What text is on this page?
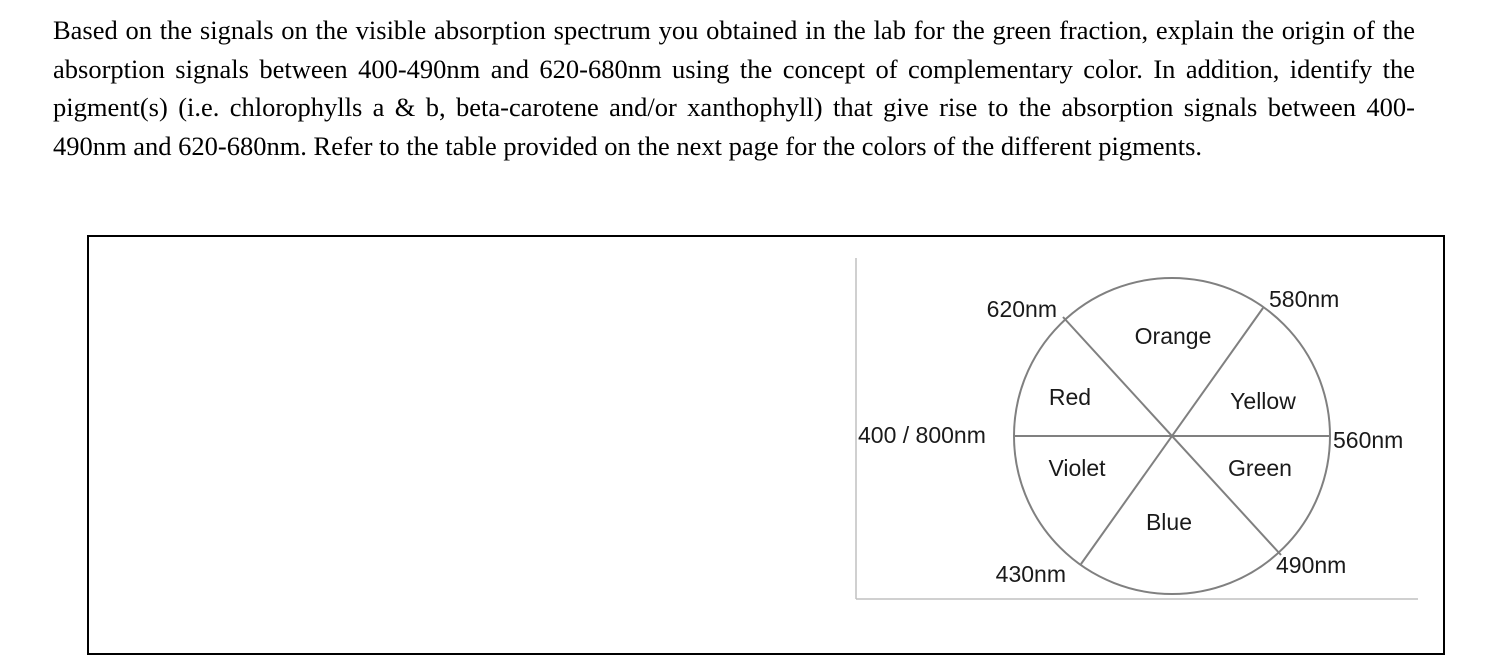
Based on the signals on the visible absorption spectrum you obtained in the lab for the green fraction, explain the origin of the absorption signals between 400-490nm and 620-680nm using the concept of complementary color. In addition, identify the pigment(s) (i.e. chlorophylls a & b, beta-carotene and/or xanthophyll) that give rise to the absorption signals between 400-490nm and 620-680nm. Refer to the table provided on the next page for the colors of the different pigments.

Orange
Red	Yellow
Violet	Green
Blue
620nm	580nm
400 / 800nm	560nm
430nm	490nm
